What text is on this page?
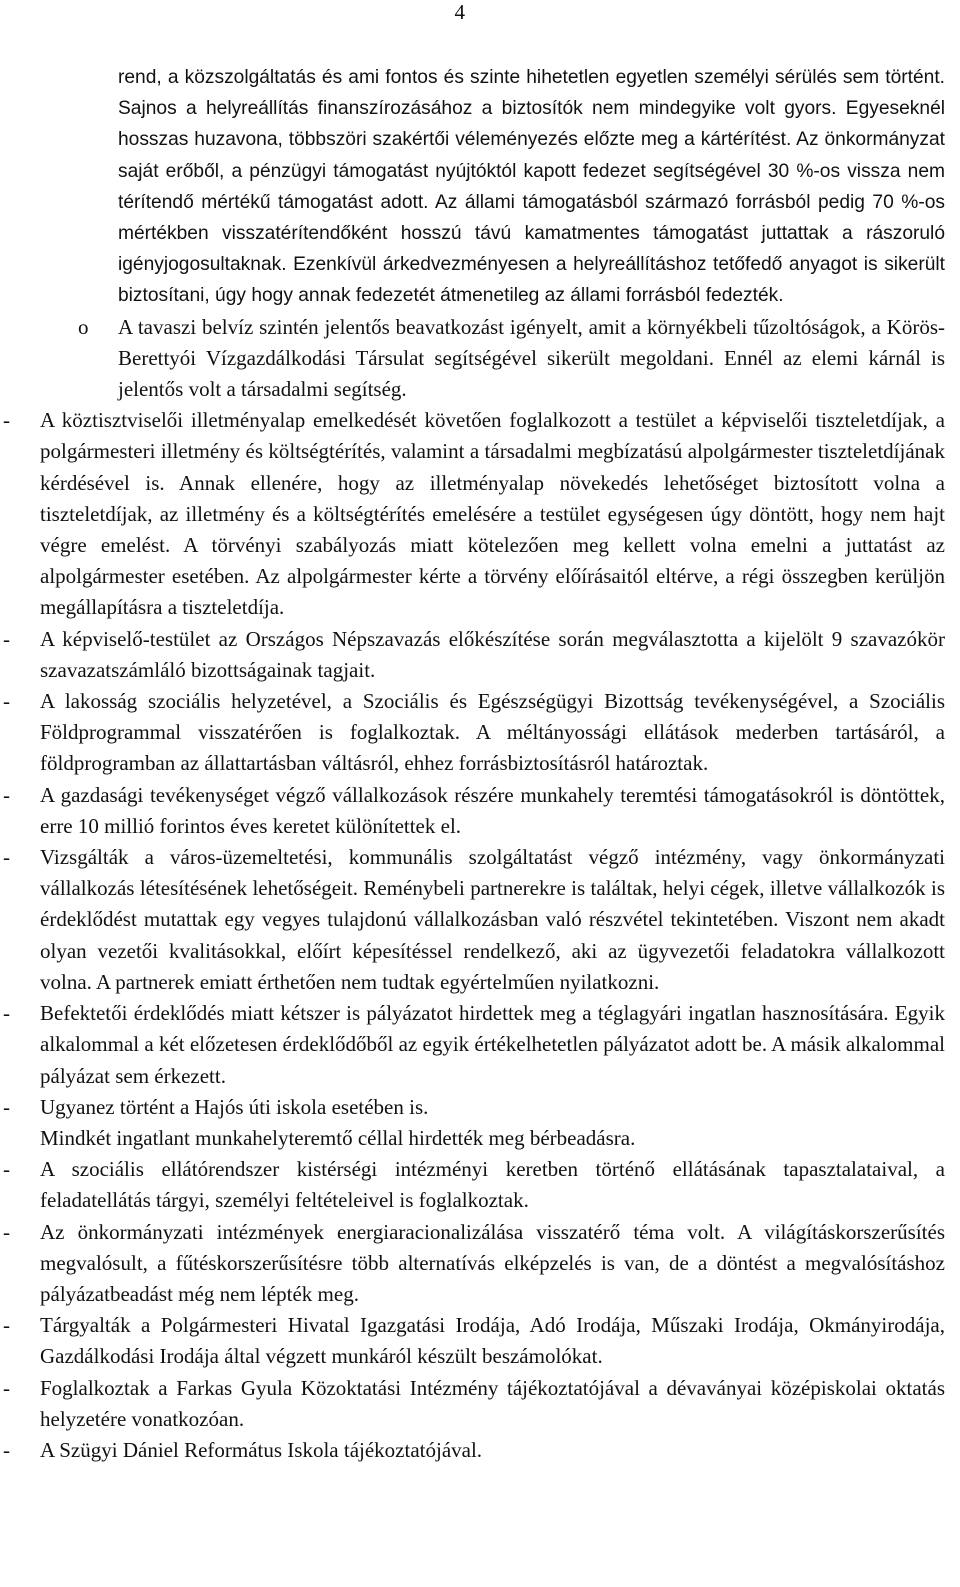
4
rend, a közszolgáltatás és ami fontos és szinte hihetetlen egyetlen személyi sérülés sem történt. Sajnos a helyreállítás finanszírozásához a biztosítók nem mindegyike volt gyors. Egyeseknél hosszas huzavona, többszöri szakértői véleményezés előzte meg a kártérítést. Az önkormányzat saját erőből, a pénzügyi támogatást nyújtóktól kapott fedezet segítségével 30 %-os vissza nem térítendő mértékű támogatást adott. Az állami támogatásból származó forrásból pedig 70 %-os mértékben visszatérítendőként hosszú távú kamatmentes támogatást juttattak a rászoruló igényjogosultaknak. Ezenkívül árkedvezményesen a helyreállításhoz tetőfedő anyagot is sikerült biztosítani, úgy hogy annak fedezetét átmenetileg az állami forrásból fedezték.
o A tavaszi belvíz szintén jelentős beavatkozást igényelt, amit a környékbeli tűzoltóságok, a Körös-Berettyói Vízgazdálkodási Társulat segítségével sikerült megoldani. Ennél az elemi kárnál is jelentős volt a társadalmi segítség.
- A köztisztviselői illetményalap emelkedését követően foglalkozott a testület a képviselői tiszteletdíjak, a polgármesteri illetmény és költségtérítés, valamint a társadalmi megbízatású alpolgármester tiszteletdíjának kérdésével is. Annak ellenére, hogy az illetményalap növekedés lehetőséget biztosított volna a tiszteletdíjak, az illetmény és a költségtérítés emelésére a testület egységesen úgy döntött, hogy nem hajt végre emelést. A törvényi szabályozás miatt kötelezően meg kellett volna emelni a juttatást az alpolgármester esetében. Az alpolgármester kérte a törvény előírásaitól eltérve, a régi összegben kerüljön megállapításra a tiszteletdíja.
- A képviselő-testület az Országos Népszavazás előkészítése során megválasztotta a kijelölt 9 szavazókör szavazatszámláló bizottságainak tagjait.
- A lakosság szociális helyzetével, a Szociális és Egészségügyi Bizottság tevékenységével, a Szociális Földprogrammal visszatérően is foglalkoztak. A méltányossági ellátások mederben tartásáról, a földprogramban az állattartásban váltásról, ehhez forrásbiztosításról határoztak.
- A gazdasági tevékenységet végző vállalkozások részére munkahely teremtési támogatásokról is döntöttek, erre 10 millió forintos éves keretet különítettek el.
- Vizsgálták a város-üzemeltetési, kommunális szolgáltatást végző intézmény, vagy önkormányzati vállalkozás létesítésének lehetőségeit. Reménybeli partnerekre is találtak, helyi cégek, illetve vállalkozók is érdeklődést mutattak egy vegyes tulajdonú vállalkozásban való részvétel tekintetében. Viszont nem akadt olyan vezetői kvalitásokkal, előírt képesítéssel rendelkező, aki az ügyvezetői feladatokra vállalkozott volna. A partnerek emiatt érthetően nem tudtak egyértelműen nyilatkozni.
- Befektetői érdeklődés miatt kétszer is pályázatot hirdettek meg a téglagyári ingatlan hasznosítására. Egyik alkalommal a két előzetesen érdeklődőből az egyik értékelhetetlen pályázatot adott be. A másik alkalommal pályázat sem érkezett.
- Ugyanez történt a Hajós úti iskola esetében is.
Mindkét ingatlant munkahelyteremtő céllal hirdették meg bérbeadásra.
- A szociális ellátórendszer kistérségi intézményi keretben történő ellátásának tapasztalataival, a feladatellátás tárgyi, személyi feltételeivel is foglalkoztak.
- Az önkormányzati intézmények energiaracionalizálása visszatérő téma volt. A világításkorszerűsítés megvalósult, a fűtéskorszerűsítésre több alternatívás elképzelés is van, de a döntést a megvalósításhoz pályázatbeadást még nem lépték meg.
- Tárgyalták a Polgármesteri Hivatal Igazgatási Irodája, Adó Irodája, Műszaki Irodája, Okmányirodája, Gazdálkodási Irodája által végzett munkáról készült beszámolókat.
- Foglalkoztak a Farkas Gyula Közoktatási Intézmény tájékoztatójával a dévaványai középiskolai oktatás helyzetére vonatkozóan.
- A Szügyi Dániel Református Iskola tájékoztatójával.
